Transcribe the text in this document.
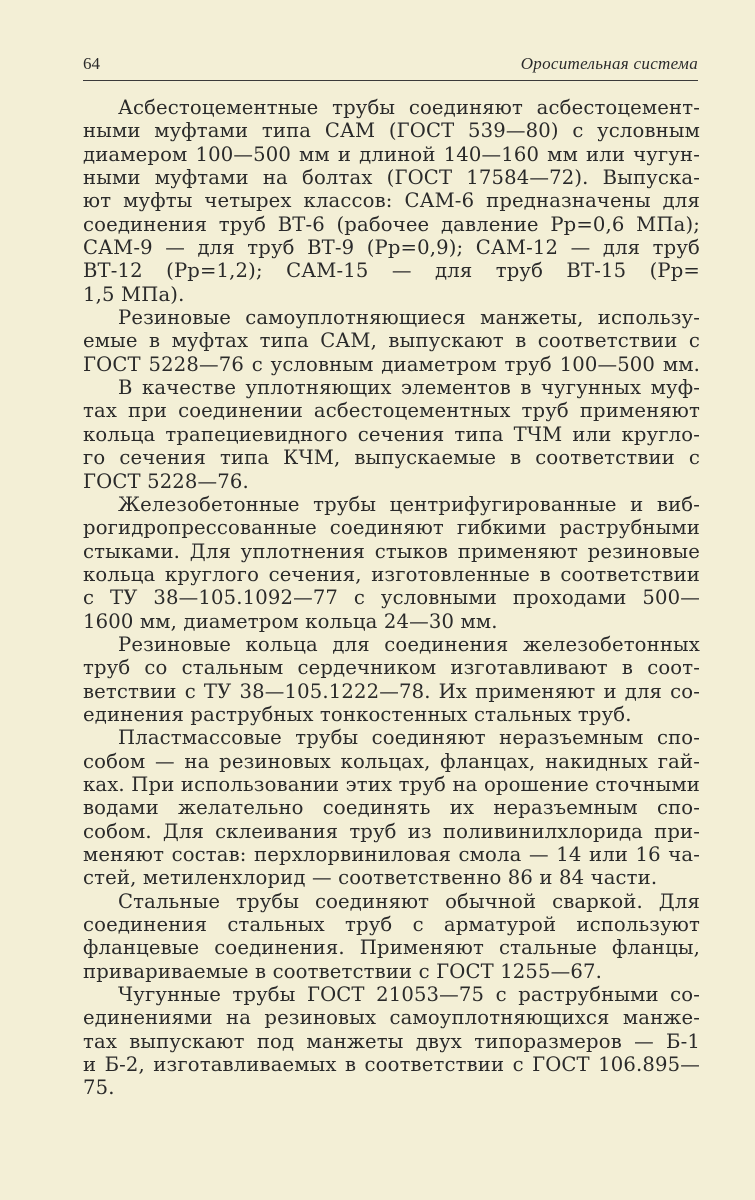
64	Оросительная система
Асбестоцементные трубы соединяют асбестоцемент-
ными муфтами типа САМ (ГОСТ 539—80) с условным
диамером 100—500 мм и длиной 140—160 мм или чугун-
ными муфтами на болтах (ГОСТ 17584—72). Выпуска-
ют муфты четырех классов: САМ-6 предназначены для
соединения труб ВТ-6 (рабочее давление Pр=0,6 МПа);
САМ-9 — для труб ВТ-9 (Pр=0,9); САМ-12 — для труб
ВТ-12 (Pр=1,2); САМ-15 — для труб ВТ-15 (Pр=
1,5 МПа).
Резиновые самоуплотняющиеся манжеты, использу-
емые в муфтах типа САМ, выпускают в соответствии с
ГОСТ 5228—76 с условным диаметром труб 100—500 мм.
В качестве уплотняющих элементов в чугунных муф-
тах при соединении асбестоцементных труб применяют
кольца трапециевидного сечения типа ТЧМ или кругло-
го сечения типа КЧМ, выпускаемые в соответствии с
ГОСТ 5228—76.
Железобетонные трубы центрифугированные и виб-
рогидропрессованные соединяют гибкими раструбными
стыками. Для уплотнения стыков применяют резиновые
кольца круглого сечения, изготовленные в соответствии
с ТУ 38—105.1092—77 с условными проходами 500—
1600 мм, диаметром кольца 24—30 мм.
Резиновые кольца для соединения железобетонных
труб со стальным сердечником изготавливают в соот-
ветствии с ТУ 38—105.1222—78. Их применяют и для со-
единения раструбных тонкостенных стальных труб.
Пластмассовые трубы соединяют неразъемным спо-
собом — на резиновых кольцах, фланцах, накидных гай-
ках. При использовании этих труб на орошение сточными
водами желательно соединять их неразъемным спо-
собом. Для склеивания труб из поливинилхлорида при-
меняют состав: перхлорвиниловая смола — 14 или 16 ча-
стей, метиленхлорид — соответственно 86 и 84 части.
Стальные трубы соединяют обычной сваркой. Для
соединения стальных труб с арматурой используют
фланцевые соединения. Применяют стальные фланцы,
привариваемые в соответствии с ГОСТ 1255—67.
Чугунные трубы ГОСТ 21053—75 с раструбными со-
единениями на резиновых самоуплотняющихся манже-
тах выпускают под манжеты двух типоразмеров — Б-1
и Б-2, изготавливаемых в соответствии с ГОСТ 106.895—
75.
